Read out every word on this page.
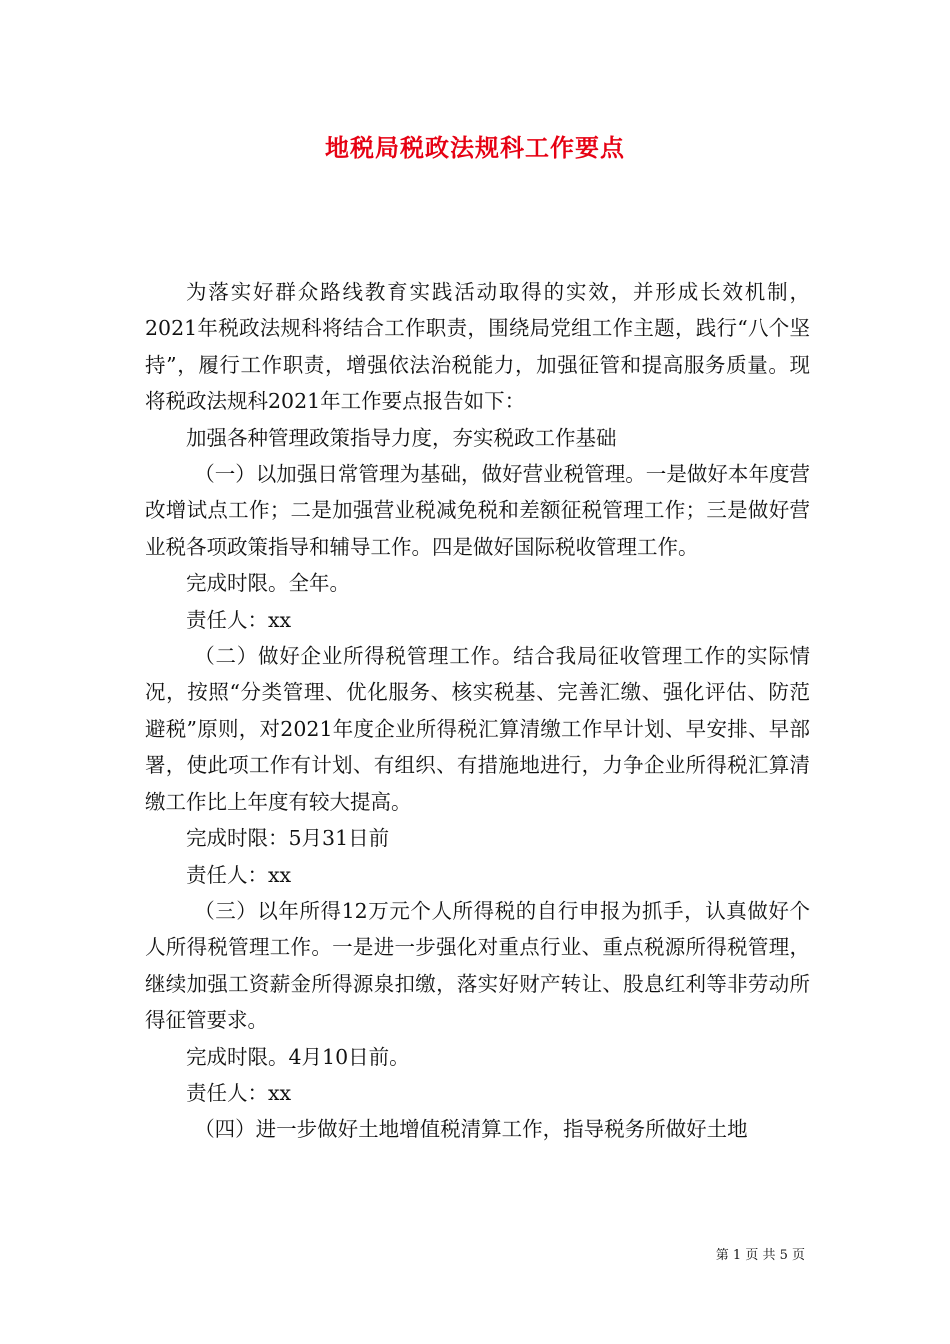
地税局税政法规科工作要点

为落实好群众路线教育实践活动取得的实效，并形成长效机制，2021年税政法规科将结合工作职责，围绕局党组工作主题，践行“八个坚持”，履行工作职责，增强依法治税能力，加强征管和提高服务质量。现将税政法规科2021年工作要点报告如下：

加强各种管理政策指导力度，夯实税政工作基础

（一）以加强日常管理为基础，做好营业税管理。一是做好本年度营改增试点工作；二是加强营业税减免税和差额征税管理工作；三是做好营业税各项政策指导和辅导工作。四是做好国际税收管理工作。

完成时限。全年。

责任人：xx

（二）做好企业所得税管理工作。结合我局征收管理工作的实际情况，按照“分类管理、优化服务、核实税基、完善汇缴、强化评估、防范避税”原则，对2021年度企业所得税汇算清缴工作早计划、早安排、早部署，使此项工作有计划、有组织、有措施地进行，力争企业所得税汇算清缴工作比上年度有较大提高。

完成时限：5月31日前

责任人：xx

（三）以年所得12万元个人所得税的自行申报为抓手，认真做好个人所得税管理工作。一是进一步强化对重点行业、重点税源所得税管理，继续加强工资薪金所得源泉扣缴，落实好财产转让、股息红利等非劳动所得征管要求。

完成时限。4月10日前。

责任人：xx

（四）进一步做好土地增值税清算工作，指导税务所做好土地

第 1 页 共 5 页
